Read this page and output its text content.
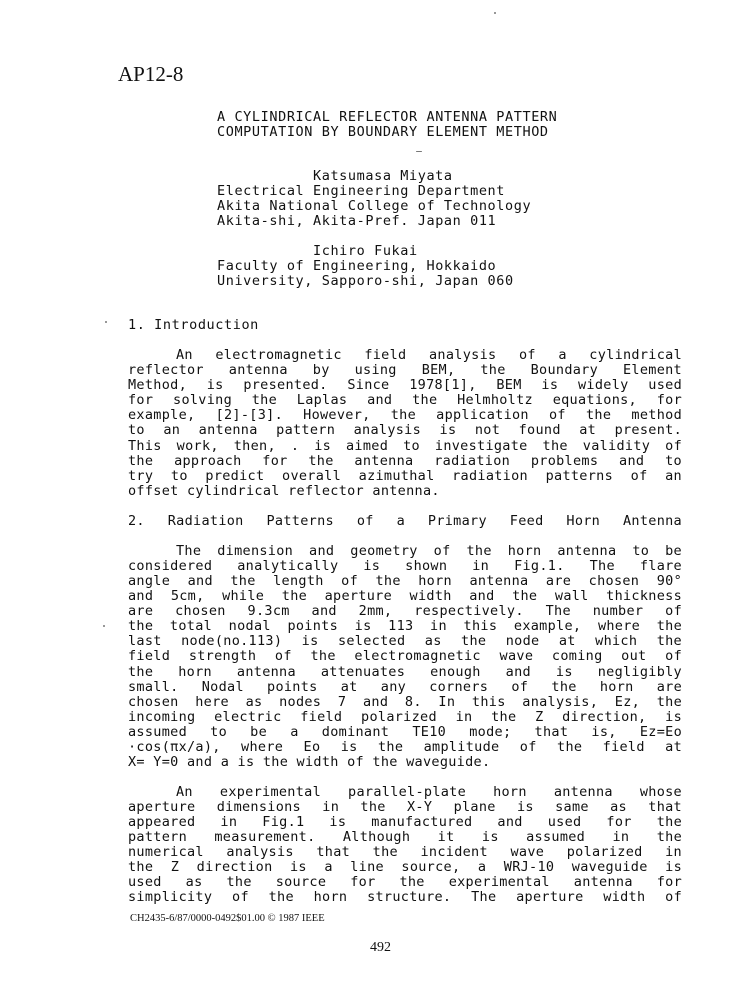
AP12-8
A CYLINDRICAL REFLECTOR ANTENNA PATTERN
COMPUTATION BY BOUNDARY ELEMENT METHOD
Katsumasa Miyata
Electrical Engineering Department
Akita National College of Technology
Akita-shi, Akita-Pref. Japan 011
Ichiro Fukai
Faculty of Engineering, Hokkaido
University, Sapporo-shi, Japan 060
1. Introduction
An electromagnetic field analysis of a cylindrical
reflector antenna by using BEM, the Boundary Element
Method, is presented. Since 1978[1], BEM is widely used
for solving the Laplas and the Helmholtz equations, for
example, [2]-[3]. However, the application of the method
to an antenna pattern analysis is not found at present.
This work, then, . is aimed to investigate the validity of
the approach for the antenna radiation problems and to
try to predict overall azimuthal radiation patterns of an
offset cylindrical reflector antenna.
2. Radiation Patterns of a Primary Feed Horn Antenna
The dimension and geometry of the horn antenna to be
considered analytically is shown in Fig.1. The flare
angle and the length of the horn antenna are chosen 90°
and 5cm, while the aperture width and the wall thickness
are chosen 9.3cm and 2mm, respectively. The number of
the total nodal points is 113 in this example, where the
last node(no.113) is selected as the node at which the
field strength of the electromagnetic wave coming out of
the horn antenna attenuates enough and is negligibly
small. Nodal points at any corners of the horn are
chosen here as nodes 7 and 8. In this analysis, Ez, the
incoming electric field polarized in the Z direction, is
assumed to be a dominant TE10 mode; that is, Ez=Eo
·cos(πx/a), where Eo is the amplitude of the field at
X= Y=0 and a is the width of the waveguide.
An experimental parallel-plate horn antenna whose
aperture dimensions in the X-Y plane is same as that
appeared in Fig.1 is manufactured and used for the
pattern measurement. Although it is assumed in the
numerical analysis that the incident wave polarized in
the Z direction is a line source, a WRJ-10 waveguide is
used as the source for the experimental antenna for
simplicity of the horn structure. The aperture width of
CH2435-6/87/0000-0492$01.00 © 1987 IEEE
492
